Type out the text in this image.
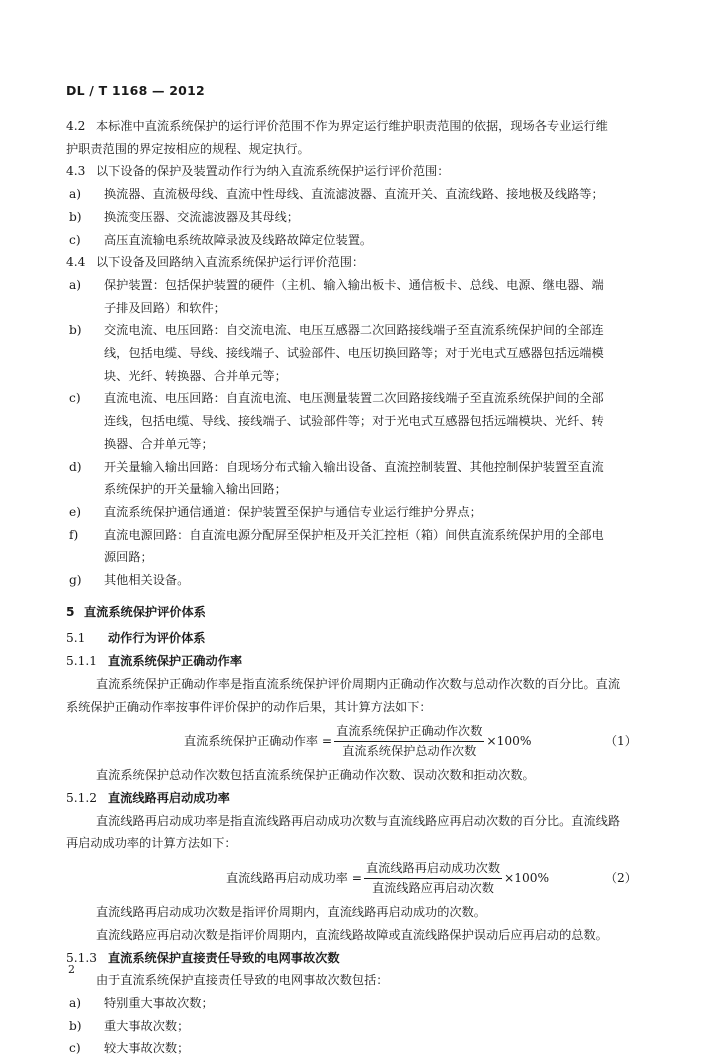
DL / T 1168 — 2012
4.2 本标准中直流系统保护的运行评价范围不作为界定运行维护职责范围的依据，现场各专业运行维
护职责范围的界定按相应的规程、规定执行。
4.3 以下设备的保护及装置动作行为纳入直流系统保护运行评价范围：
a)	换流器、直流极母线、直流中性母线、直流滤波器、直流开关、直流线路、接地极及线路等；
b)	换流变压器、交流滤波器及其母线；
c)	高压直流输电系统故障录波及线路故障定位装置。
4.4 以下设备及回路纳入直流系统保护运行评价范围：
a)	保护装置：包括保护装置的硬件（主机、输入输出板卡、通信板卡、总线、电源、继电器、端
子排及回路）和软件；
b)	交流电流、电压回路：自交流电流、电压互感器二次回路接线端子至直流系统保护间的全部连
线，包括电缆、导线、接线端子、试验部件、电压切换回路等；对于光电式互感器包括远端模
块、光纤、转换器、合并单元等；
c)	直流电流、电压回路：自直流电流、电压测量装置二次回路接线端子至直流系统保护间的全部
连线，包括电缆、导线、接线端子、试验部件等；对于光电式互感器包括远端模块、光纤、转
换器、合并单元等；
d)	开关量输入输出回路：自现场分布式输入输出设备、直流控制装置、其他控制保护装置至直流
系统保护的开关量输入输出回路；
e)	直流系统保护通信通道：保护装置至保护与通信专业运行维护分界点；
f)	直流电源回路：自直流电源分配屏至保护柜及开关汇控柜（箱）间供直流系统保护用的全部电
源回路；
g)	其他相关设备。
5 直流系统保护评价体系
5.1 动作行为评价体系
5.1.1 直流系统保护正确动作率
直流系统保护正确动作率是指直流系统保护评价周期内正确动作次数与总动作次数的百分比。直流
系统保护正确动作率按事件评价保护的动作后果，其计算方法如下：
直流系统保护正确动作率 = $\frac{\text{直流系统保护正确动作次数}}{\text{直流系统保护总动作次数}} \times 100\%$	（1）
直流系统保护总动作次数包括直流系统保护正确动作次数、误动次数和拒动次数。
5.1.2 直流线路再启动成功率
直流线路再启动成功率是指直流线路再启动成功次数与直流线路应再启动次数的百分比。直流线路
再启动成功率的计算方法如下：
直流线路再启动成功率 = $\frac{\text{直流线路再启动成功次数}}{\text{直流线路应再启动次数}} \times 100\%$	（2）
直流线路再启动成功次数是指评价周期内，直流线路再启动成功的次数。
直流线路应再启动次数是指评价周期内，直流线路故障或直流线路保护误动后应再启动的总数。
5.1.3 直流系统保护直接责任导致的电网事故次数
由于直流系统保护直接责任导致的电网事故次数包括：
a)	特别重大事故次数；
b)	重大事故次数；
c)	较大事故次数；
2
